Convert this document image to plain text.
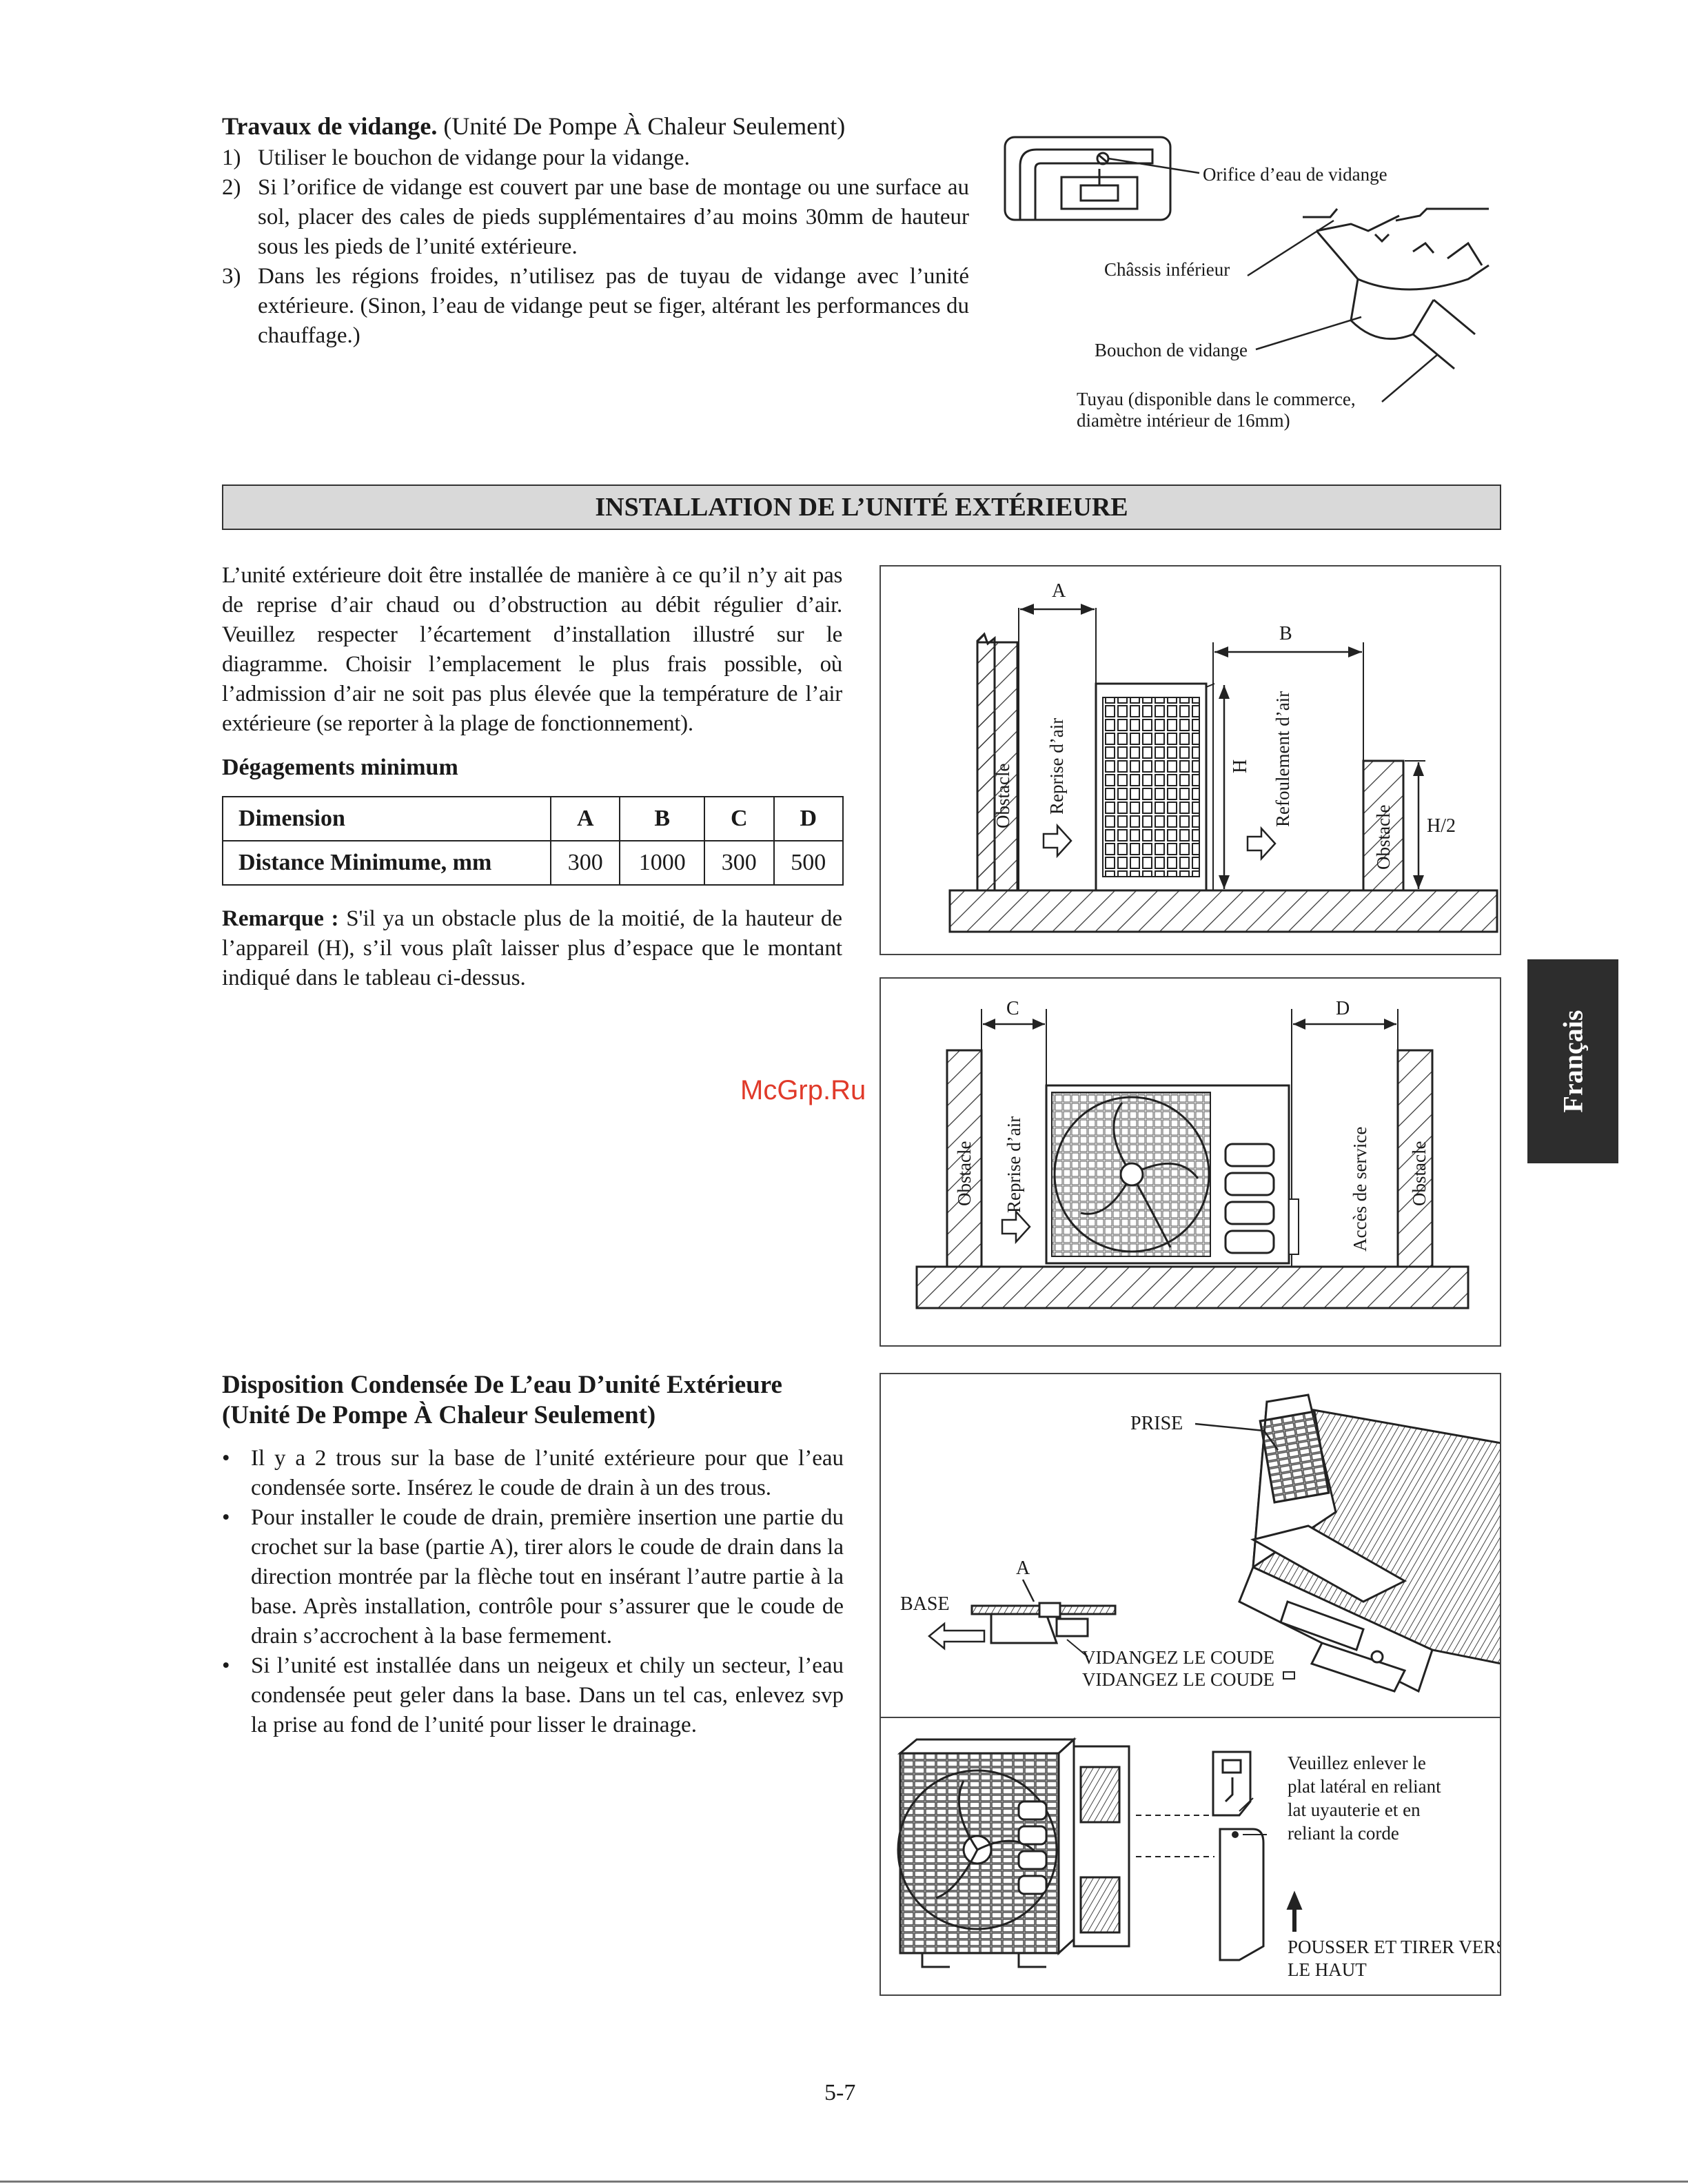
Travaux de vidange. (Unité De Pompe À Chaleur Seulement)
1) Utiliser le bouchon de vidange pour la vidange.
2) Si l’orifice de vidange est couvert par une base de montage ou une surface au sol, placer des cales de pieds supplémentaires d’au moins 30mm de hauteur sous les pieds de l’unité extérieure.
3) Dans les régions froides, n’utilisez pas de tuyau de vidange avec l’unité extérieure. (Sinon, l’eau de vidange peut se figer, altérant les performances du chauffage.)
Orifice d’eau de vidange
Châssis inférieur
Bouchon de vidange
Tuyau (disponible dans le commerce,
diamètre intérieur de 16mm)
INSTALLATION DE L’UNITÉ EXTÉRIEURE
L’unité extérieure doit être installée de manière à ce qu’il n’y ait pas de reprise d’air chaud ou d’obstruction au débit régulier d’air. Veuillez respecter l’écartement d’installation illustré sur le diagramme. Choisir l’emplacement le plus frais possible, où l’admission d’air ne soit pas plus élevée que la température de l’air extérieure (se reporter à la plage de fonctionnement).
Dégagements minimum
Dimension	A	B	C	D
Distance Minimume, mm	300	1000	300	500
Remarque : S'il ya un obstacle plus de la moitié, de la hauteur de l’appareil (H), s’il vous plaît laisser plus d’espace que le montant indiqué dans le tableau ci-dessus.
A
B
H
H/2
Obstacle Reprise d’air	Refoulement d’air
Obstacle
C	D
Obstacle Reprise d’air	Accès de service Obstacle
McGrp.Ru	Français
Disposition Condensée De L’eau D’unité Extérieure
(Unité De Pompe À Chaleur Seulement)
• Il y a 2 trous sur la base de l’unité extérieure pour que l’eau condensée sorte. Insérez le coude de drain à un des trous.
• Pour installer le coude de drain, première insertion une partie du crochet sur la base (partie A), tirer alors le coude de drain dans la direction montrée par la flèche tout en insérant l’autre partie à la base. Après installation, contrôle pour s’assurer que le coude de drain s’accrochent à la base fermement.
• Si l’unité est installée dans un neigeux et chily un secteur, l’eau condensée peut geler dans la base. Dans un tel cas, enlevez svp la prise au fond de l’unité pour lisser le drainage.
PRISE
A
BASE
VIDANGEZ LE COUDE
VIDANGEZ LE COUDE
Veuillez enlever le
plat latéral en reliant
lat uyauterie et en
reliant la corde
POUSSER ET TIRER VERS
LE HAUT
5-7
